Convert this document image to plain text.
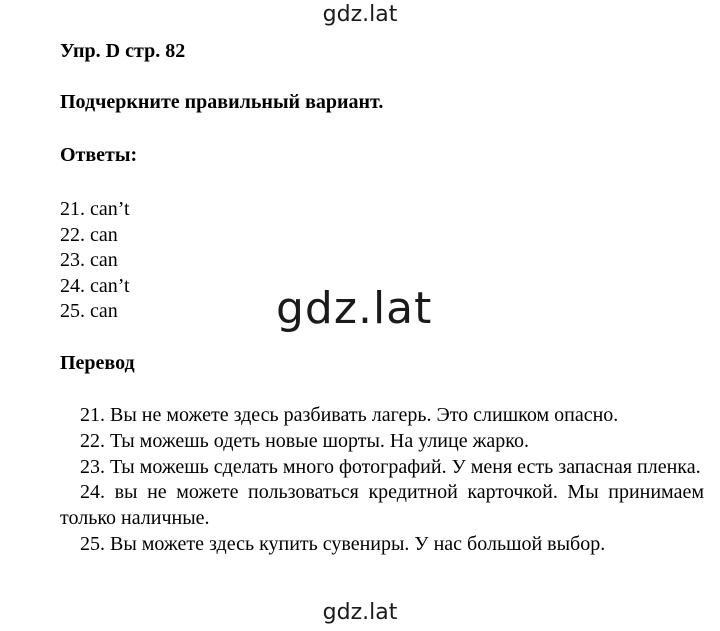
gdz.lat
Упр. D стр. 82
Подчеркните правильный вариант.
Ответы:
21. can’t
22. can
23. can
24. can’t
25. can	gdz.lat
Перевод
21. Вы не можете здесь разбивать лагерь. Это слишком опасно.
22. Ты можешь одеть новые шорты. На улице жарко.
23. Ты можешь сделать много фотографий. У меня есть запасная пленка.
24. вы не можете пользоваться кредитной карточкой. Мы принимаем только наличные.
25. Вы можете здесь купить сувениры. У нас большой выбор.
gdz.lat
